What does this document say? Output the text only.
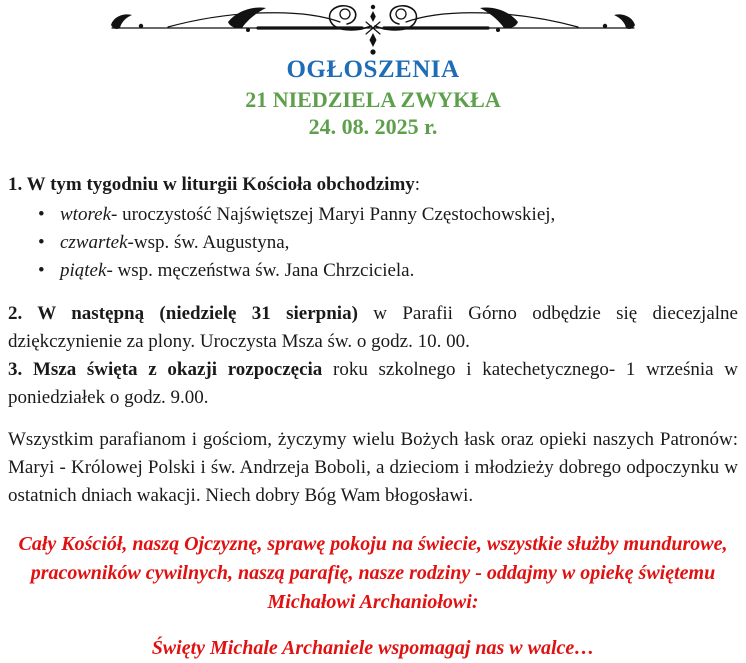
OGŁOSZENIA
21 NIEDZIELA ZWYKŁA
24. 08. 2025 r.

1. W tym tygodniu w liturgii Kościoła obchodzimy:

• wtorek- uroczystość Najświętszej Maryi Panny Częstochowskiej,
• czwartek-wsp. św. Augustyna,
• piątek- wsp. męczeństwa św. Jana Chrzciciela.

2. W następną (niedzielę 31 sierpnia) w Parafii Górno odbędzie się diecezjalne dziękczynienie za plony. Uroczysta Msza św. o godz. 10. 00.

3. Msza święta z okazji rozpoczęcia roku szkolnego i katechetycznego- 1 września w poniedziałek o godz. 9.00.

Wszystkim parafianom i gościom, życzymy wielu Bożych łask oraz opieki naszych Patronów: Maryi - Królowej Polski i św. Andrzeja Boboli, a dzieciom i młodzieży dobrego odpoczynku w ostatnich dniach wakacji. Niech dobry Bóg Wam błogosławi.

Cały Kościół, naszą Ojczyznę, sprawę pokoju na świecie, wszystkie służby mundurowe, pracowników cywilnych, naszą parafię, nasze rodziny - oddajmy w opiekę świętemu Michałowi Archaniołowi:

Święty Michale Archaniele wspomagaj nas w walce…
